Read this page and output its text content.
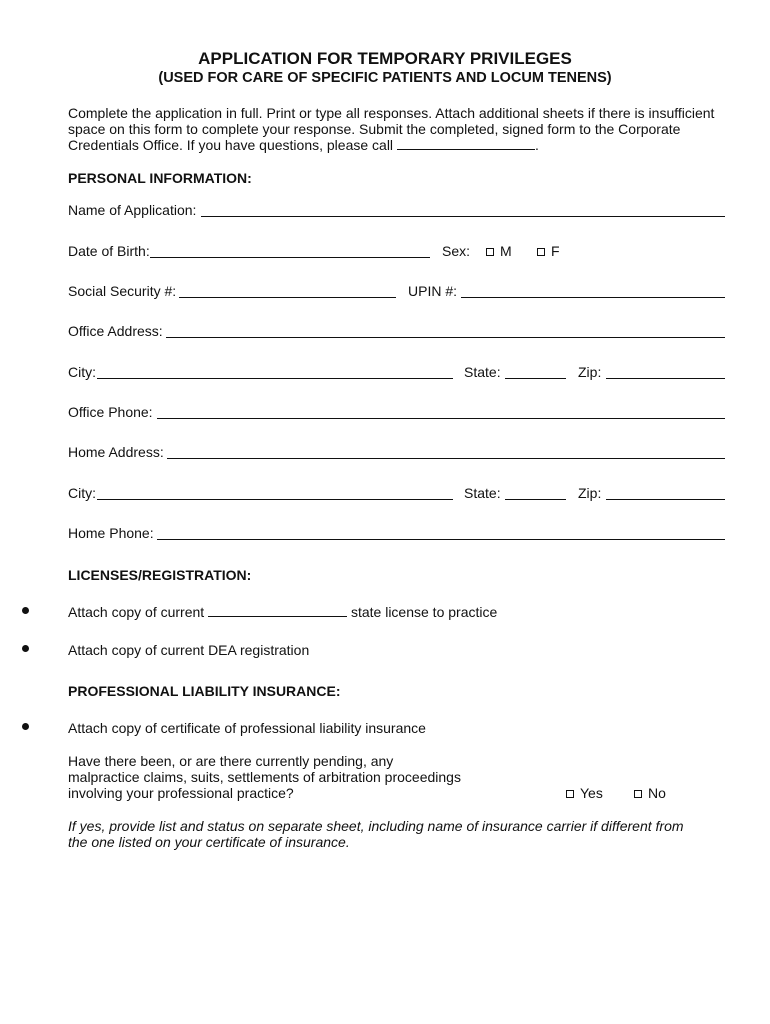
APPLICATION FOR TEMPORARY PRIVILEGES
(USED FOR CARE OF SPECIFIC PATIENTS AND LOCUM TENENS)

Complete the application in full. Print or type all responses. Attach additional sheets if there is insufficient

space on this form to complete your response. Submit the completed, signed form to the Corporate

Credentials Office. If you have questions, please call	.

PERSONAL INFORMATION:
Name of Application:
Date of Birth:	Sex:	M	F
Social Security #:	UPIN #:
Office Address:
City:	State:	Zip:
Office Phone:
Home Address:
City:	State:	Zip:
Home Phone:
LICENSES/REGISTRATION:
Attach copy of current	state license to practice
Attach copy of current DEA registration
PROFESSIONAL LIABILITY INSURANCE:
Attach copy of certificate of professional liability insurance
Have there been, or are there currently pending, any
malpractice claims, suits, settlements of arbitration proceedings
involving your professional practice?	Yes	No
If yes, provide list and status on separate sheet, including name of insurance carrier if different from
the one listed on your certificate of insurance.
